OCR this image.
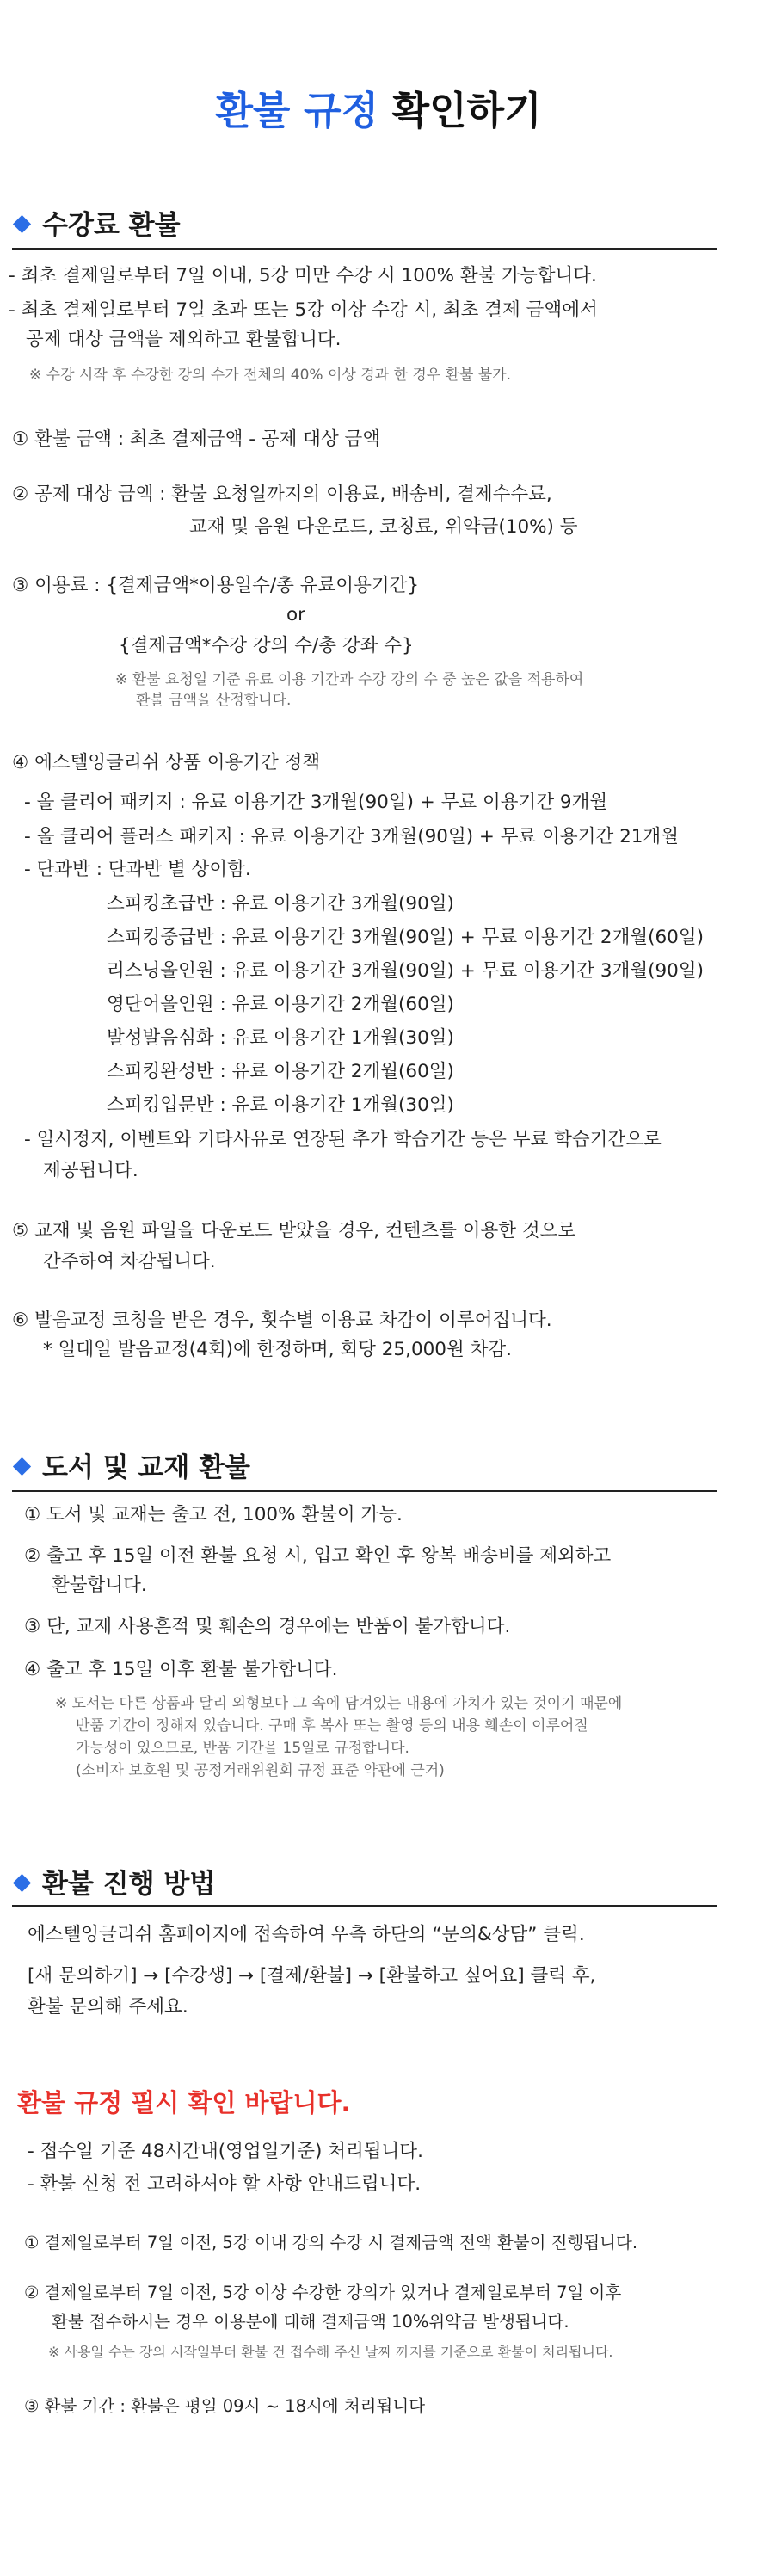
환불 규정 확인하기
수강료 환불
- 최초 결제일로부터 7일 이내, 5강 미만 수강 시 100% 환불 가능합니다.
- 최초 결제일로부터 7일 초과 또는 5강 이상 수강 시, 최초 결제 금액에서
공제 대상 금액을 제외하고 환불합니다.
※ 수강 시작 후 수강한 강의 수가 전체의 40% 이상 경과 한 경우 환불 불가.
① 환불 금액 : 최초 결제금액 - 공제 대상 금액
② 공제 대상 금액 : 환불 요청일까지의 이용료, 배송비, 결제수수료,
교재 및 음원 다운로드, 코칭료, 위약금(10%) 등
③ 이용료 : {결제금액*이용일수/총 유료이용기간}
or
{결제금액*수강 강의 수/총 강좌 수}
※ 환불 요청일 기준 유료 이용 기간과 수강 강의 수 중 높은 값을 적용하여
환불 금액을 산정합니다.
④ 에스텔잉글리쉬 상품 이용기간 정책
- 올 클리어 패키지 : 유료 이용기간 3개월(90일) + 무료 이용기간 9개월
- 올 클리어 플러스 패키지 : 유료 이용기간 3개월(90일) + 무료 이용기간 21개월
- 단과반 : 단과반 별 상이함.
스피킹초급반 : 유료 이용기간 3개월(90일)
스피킹중급반 : 유료 이용기간 3개월(90일) + 무료 이용기간 2개월(60일)
리스닝올인원 : 유료 이용기간 3개월(90일) + 무료 이용기간 3개월(90일)
영단어올인원 : 유료 이용기간 2개월(60일)
발성발음심화 : 유료 이용기간 1개월(30일)
스피킹완성반 : 유료 이용기간 2개월(60일)
스피킹입문반 : 유료 이용기간 1개월(30일)
- 일시정지, 이벤트와 기타사유로 연장된 추가 학습기간 등은 무료 학습기간으로
제공됩니다.
⑤ 교재 및 음원 파일을 다운로드 받았을 경우, 컨텐츠를 이용한 것으로
간주하여 차감됩니다.
⑥ 발음교정 코칭을 받은 경우, 횟수별 이용료 차감이 이루어집니다.
* 일대일 발음교정(4회)에 한정하며, 회당 25,000원 차감.
도서 및 교재 환불
① 도서 및 교재는 출고 전, 100% 환불이 가능.
② 출고 후 15일 이전 환불 요청 시, 입고 확인 후 왕복 배송비를 제외하고
환불합니다.
③ 단, 교재 사용흔적 및 훼손의 경우에는 반품이 불가합니다.
④ 출고 후 15일 이후 환불 불가합니다.
※ 도서는 다른 상품과 달리 외형보다 그 속에 담겨있는 내용에 가치가 있는 것이기 때문에
반품 기간이 정해져 있습니다. 구매 후 복사 또는 촬영 등의 내용 훼손이 이루어질
가능성이 있으므로, 반품 기간을 15일로 규정합니다.
(소비자 보호원 및 공정거래위원회 규정 표준 약관에 근거)
환불 진행 방법
에스텔잉글리쉬 홈페이지에 접속하여 우측 하단의 “문의&상담” 클릭.
[새 문의하기] → [수강생] → [결제/환불] → [환불하고 싶어요] 클릭 후,
환불 문의해 주세요.
환불 규정 필시 확인 바랍니다.
- 접수일 기준 48시간내(영업일기준) 처리됩니다.
- 환불 신청 전 고려하셔야 할 사항 안내드립니다.
① 결제일로부터 7일 이전, 5강 이내 강의 수강 시 결제금액 전액 환불이 진행됩니다.
② 결제일로부터 7일 이전, 5강 이상 수강한 강의가 있거나 결제일로부터 7일 이후
환불 접수하시는 경우 이용분에 대해 결제금액 10%위약금 발생됩니다.
※ 사용일 수는 강의 시작일부터 환불 건 접수해 주신 날짜 까지를 기준으로 환불이 처리됩니다.
③ 환불 기간 : 환불은 평일 09시 ~ 18시에 처리됩니다
